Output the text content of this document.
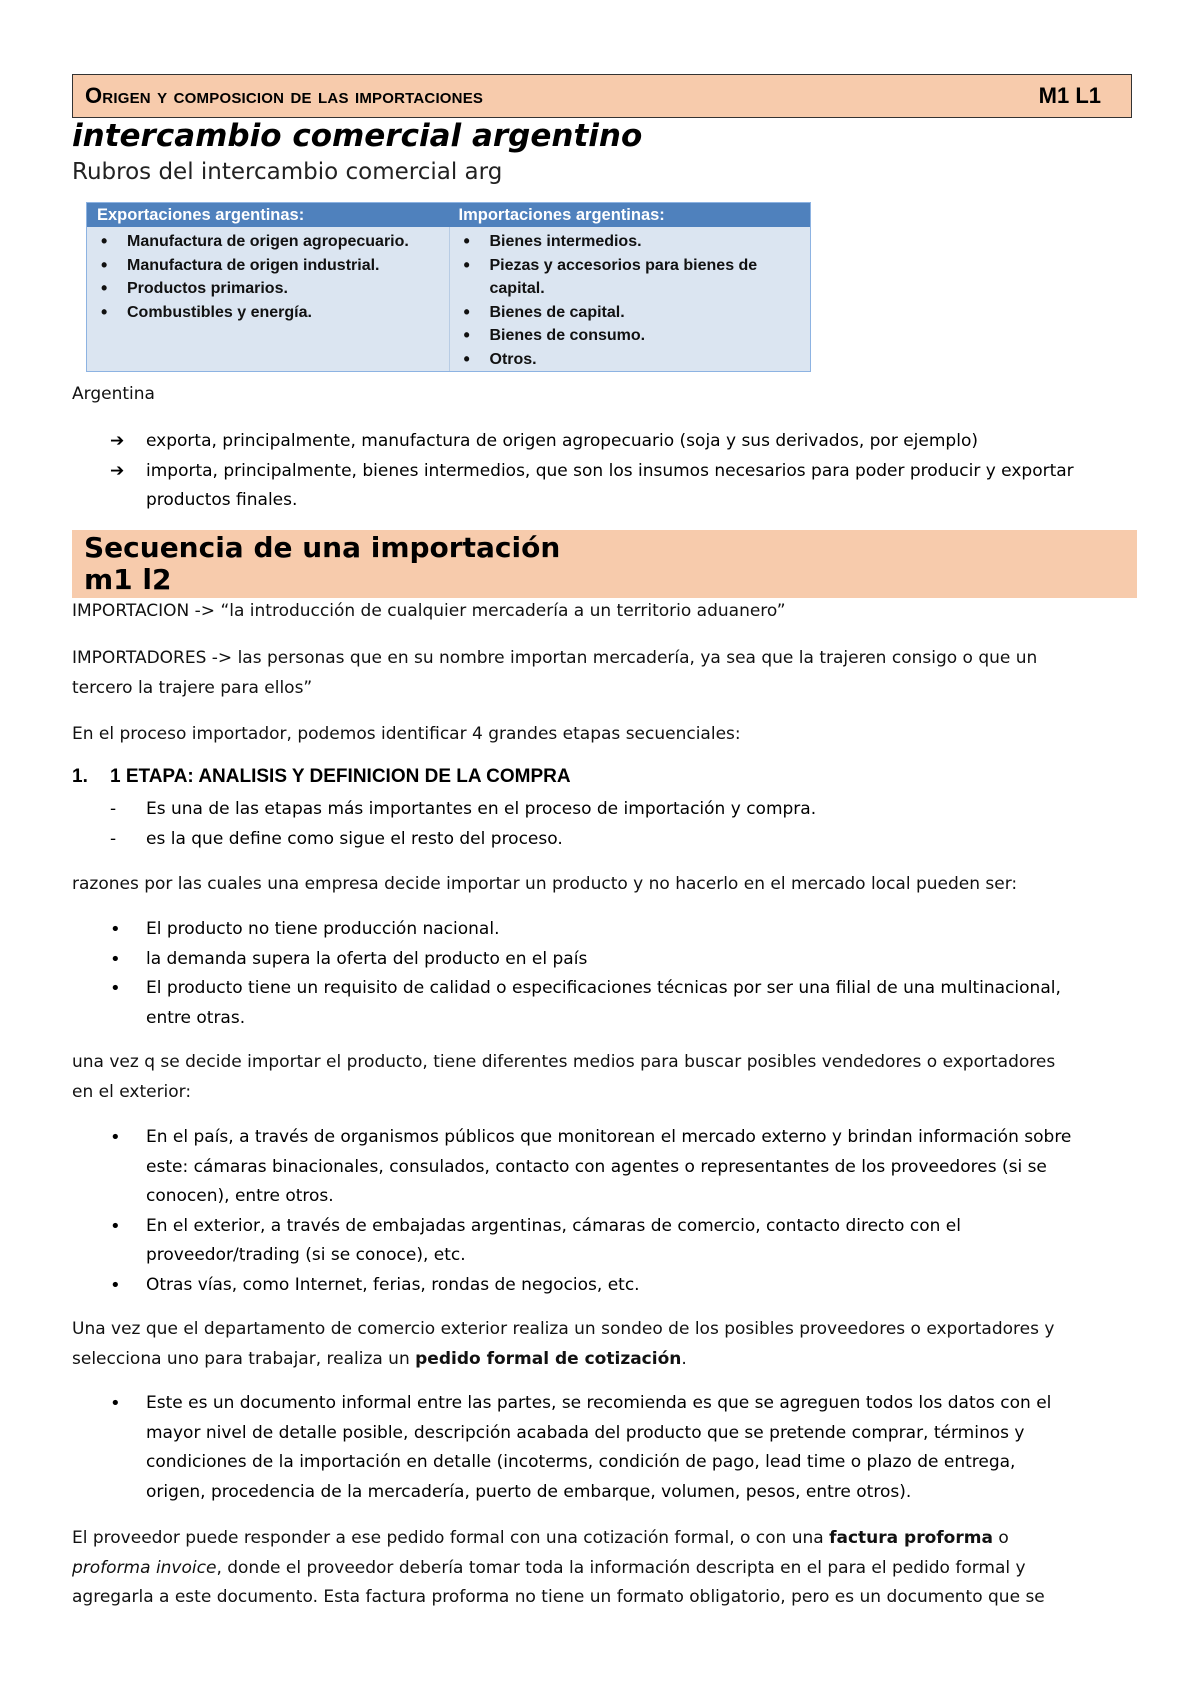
Origen y composicion de las importaciones	M1 L1
intercambio comercial argentino
Rubros del intercambio comercial arg
Exportaciones argentinas:	Importaciones argentinas:
• Manufactura de origen agropecuario.
• Manufactura de origen industrial.
• Productos primarios.
• Combustibles y energía.
• Bienes intermedios.
• Piezas y accesorios para bienes de
capital.
• Bienes de capital.
• Bienes de consumo.
• Otros.
Argentina
➔ exporta, principalmente, manufactura de origen agropecuario (soja y sus derivados, por ejemplo)
➔ importa, principalmente, bienes intermedios, que son los insumos necesarios para poder producir y exportar
productos finales.
Secuencia de una importación
m1 l2
IMPORTACION -> “la introducción de cualquier mercadería a un territorio aduanero”
IMPORTADORES -> las personas que en su nombre importan mercadería, ya sea que la trajeren consigo o que un
tercero la trajere para ellos”
En el proceso importador, podemos identificar 4 grandes etapas secuenciales:
1. 1 ETAPA: ANALISIS Y DEFINICION DE LA COMPRA
- Es una de las etapas más importantes en el proceso de importación y compra.
- es la que define como sigue el resto del proceso.
razones por las cuales una empresa decide importar un producto y no hacerlo en el mercado local pueden ser:
• El producto no tiene producción nacional.
• la demanda supera la oferta del producto en el país
• El producto tiene un requisito de calidad o especificaciones técnicas por ser una filial de una multinacional,
entre otras.
una vez q se decide importar el producto, tiene diferentes medios para buscar posibles vendedores o exportadores
en el exterior:
• En el país, a través de organismos públicos que monitorean el mercado externo y brindan información sobre
este: cámaras binacionales, consulados, contacto con agentes o representantes de los proveedores (si se
conocen), entre otros.
• En el exterior, a través de embajadas argentinas, cámaras de comercio, contacto directo con el
proveedor/trading (si se conoce), etc.
• Otras vías, como Internet, ferias, rondas de negocios, etc.
Una vez que el departamento de comercio exterior realiza un sondeo de los posibles proveedores o exportadores y
selecciona uno para trabajar, realiza un pedido formal de cotización.
• Este es un documento informal entre las partes, se recomienda es que se agreguen todos los datos con el
mayor nivel de detalle posible, descripción acabada del producto que se pretende comprar, términos y
condiciones de la importación en detalle (incoterms, condición de pago, lead time o plazo de entrega,
origen, procedencia de la mercadería, puerto de embarque, volumen, pesos, entre otros).
El proveedor puede responder a ese pedido formal con una cotización formal, o con una factura proforma o
proforma invoice, donde el proveedor debería tomar toda la información descripta en el para el pedido formal y
agregarla a este documento. Esta factura proforma no tiene un formato obligatorio, pero es un documento que se
